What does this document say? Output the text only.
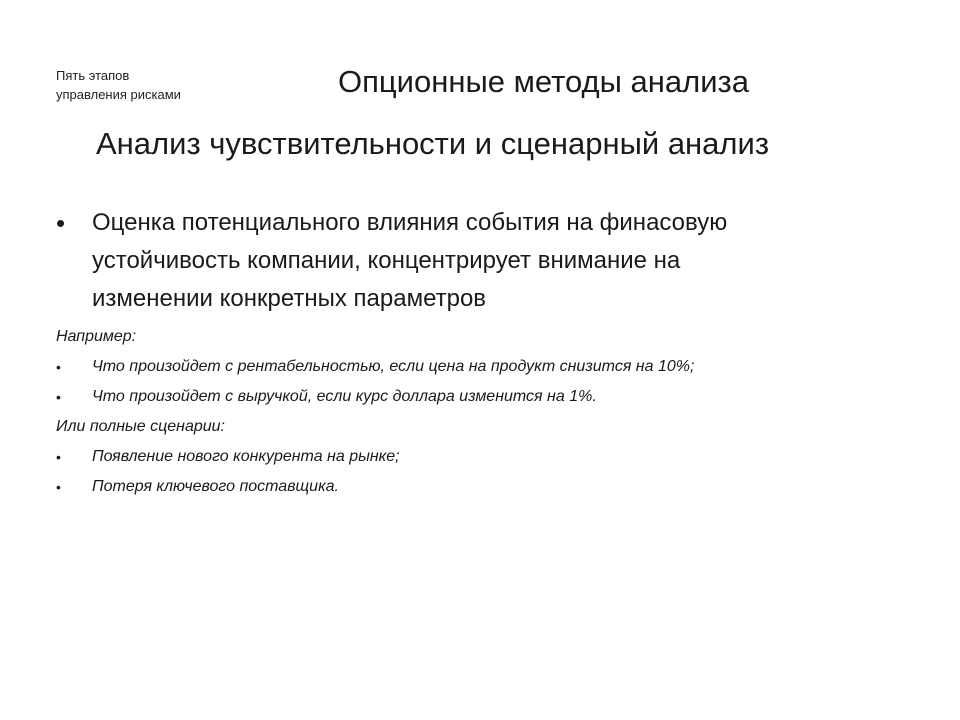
Пять этапов
управления рисками	Опционные методы анализа
Анализ чувствительности и сценарный анализ
• Оценка потенциального влияния события на финасовую
устойчивость компании, концентрирует внимание на
изменении конкретных параметров
Например:
• Что произойдет с рентабельностью, если цена на продукт снизится на 10%;
• Что произойдет с выручкой, если курс доллара изменится на 1%.
Или полные сценарии:
• Появление нового конкурента на рынке;
• Потеря ключевого поставщика.
